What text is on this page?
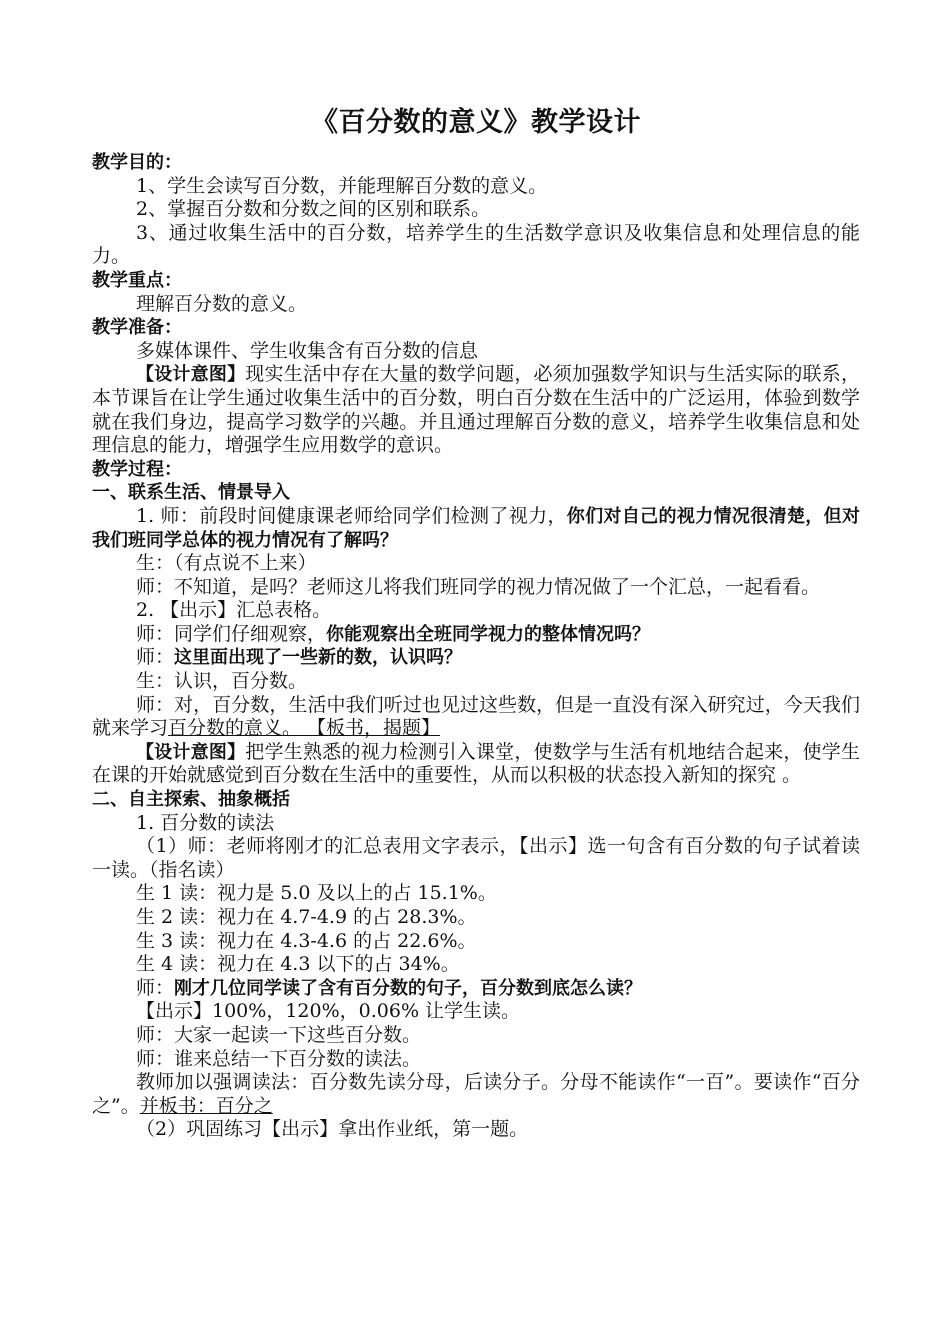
《百分数的意义》教学设计
教学目的：
1、学生会读写百分数，并能理解百分数的意义。
2、掌握百分数和分数之间的区别和联系。
3、通过收集生活中的百分数，培养学生的生活数学意识及收集信息和处理信息的能力。
教学重点：
理解百分数的意义。
教学准备：
多媒体课件、学生收集含有百分数的信息
【设计意图】现实生活中存在大量的数学问题，必须加强数学知识与生活实际的联系，本节课旨在让学生通过收集生活中的百分数，明白百分数在生活中的广泛运用，体验到数学就在我们身边，提高学习数学的兴趣。并且通过理解百分数的意义，培养学生收集信息和处理信息的能力，增强学生应用数学的意识。
教学过程：
一、联系生活、情景导入
1. 师：前段时间健康课老师给同学们检测了视力，你们对自己的视力情况很清楚，但对我们班同学总体的视力情况有了解吗？
生：（有点说不上来）
师：不知道，是吗？老师这儿将我们班同学的视力情况做了一个汇总，一起看看。
2. 【出示】汇总表格。
师：同学们仔细观察，你能观察出全班同学视力的整体情况吗？
师：这里面出现了一些新的数，认识吗？
生：认识，百分数。
师：对，百分数，生活中我们听过也见过这些数，但是一直没有深入研究过，今天我们就来学习百分数的意义。 【板书，揭题】
【设计意图】把学生熟悉的视力检测引入课堂，使数学与生活有机地结合起来，使学生在课的开始就感觉到百分数在生活中的重要性，从而以积极的状态投入新知的探究 。
二、自主探索、抽象概括
1. 百分数的读法
（1）师：老师将刚才的汇总表用文字表示，【出示】选一句含有百分数的句子试着读一读。（指名读）
生 1 读：视力是 5.0 及以上的占 15.1%。
生 2 读：视力在 4.7-4.9 的占 28.3%。
生 3 读：视力在 4.3-4.6 的占 22.6%。
生 4 读：视力在 4.3 以下的占 34%。
师：刚才几位同学读了含有百分数的句子，百分数到底怎么读？
【出示】100%，120%，0.06% 让学生读。
师：大家一起读一下这些百分数。
师：谁来总结一下百分数的读法。
教师加以强调读法：百分数先读分母，后读分子。分母不能读作“一百”。要读作“百分之”。并板书：百分之
（2）巩固练习【出示】拿出作业纸，第一题。
